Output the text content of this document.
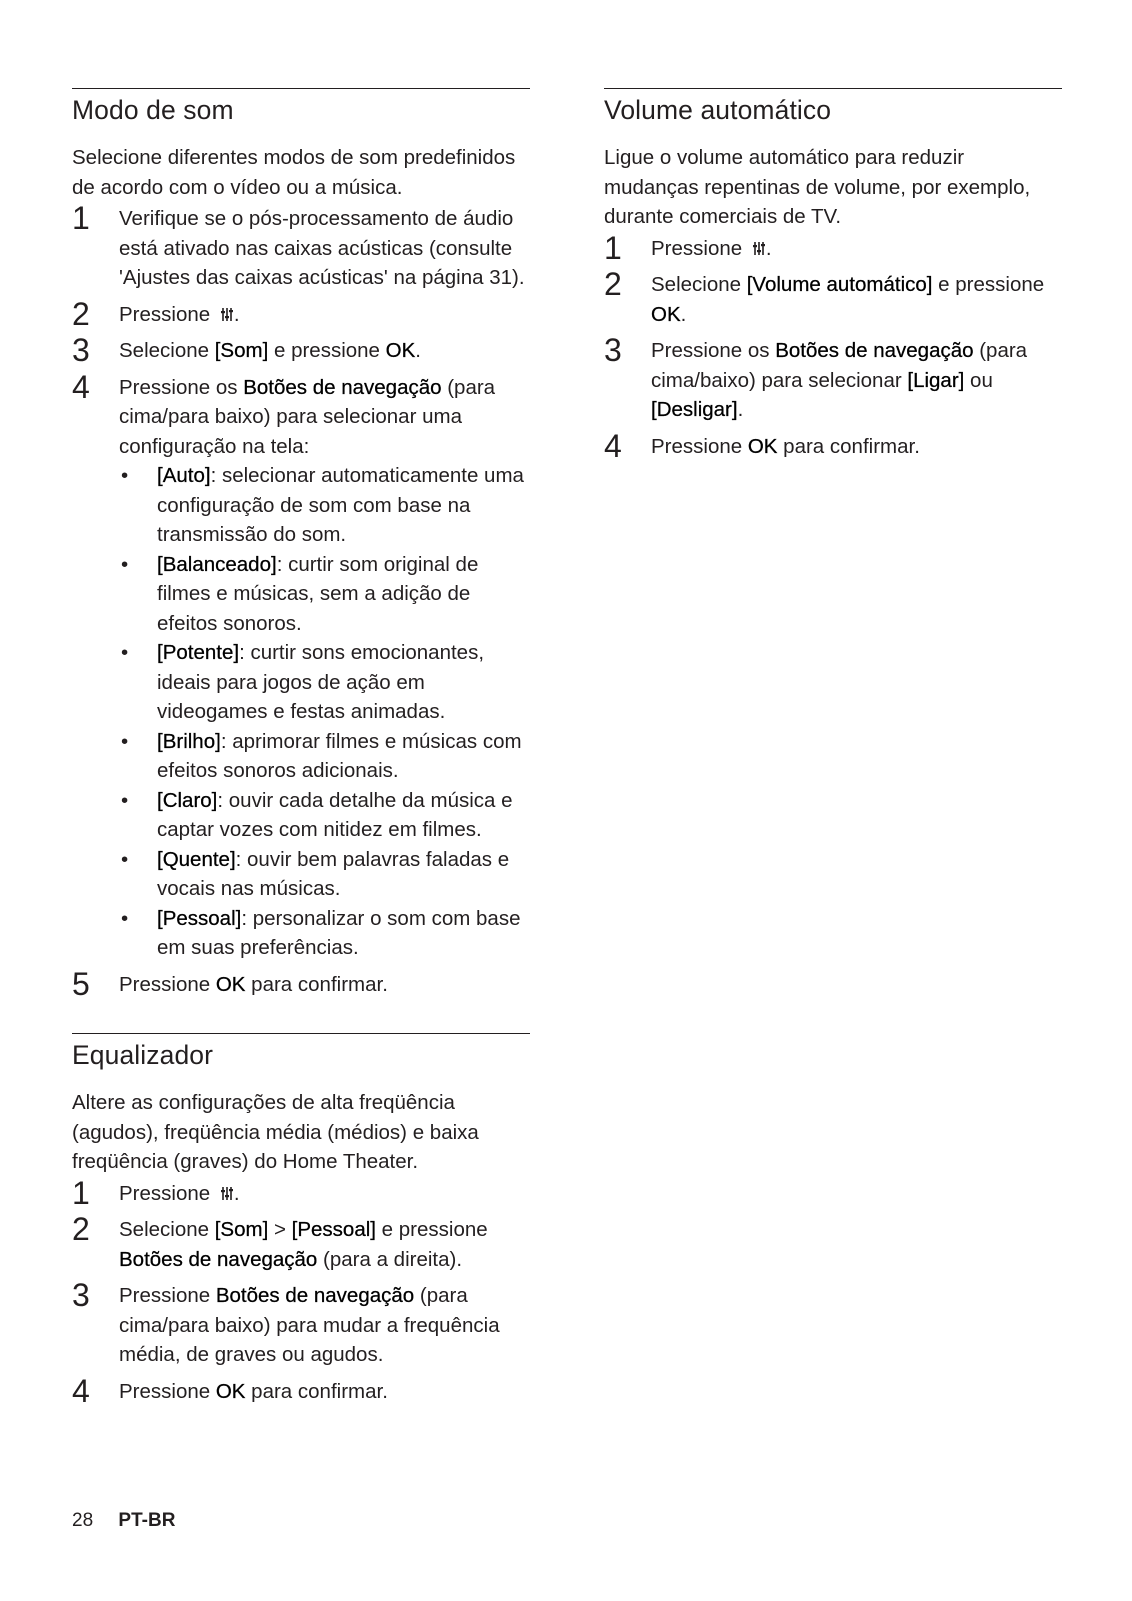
Modo de som

Selecione diferentes modos de som predefinidos de acordo com o vídeo ou a música.

1 Verifique se o pós-processamento de áudio está ativado nas caixas acústicas (consulte 'Ajustes das caixas acústicas' na página 31).
2 Pressione .
3 Selecione [Som] e pressione OK.
4 Pressione os Botões de navegação (para cima/para baixo) para selecionar uma configuração na tela:
• [Auto]: selecionar automaticamente uma configuração de som com base na transmissão do som.
• [Balanceado]: curtir som original de filmes e músicas, sem a adição de efeitos sonoros.
• [Potente]: curtir sons emocionantes, ideais para jogos de ação em videogames e festas animadas.
• [Brilho]: aprimorar filmes e músicas com efeitos sonoros adicionais.
• [Claro]: ouvir cada detalhe da música e captar vozes com nitidez em filmes.
• [Quente]: ouvir bem palavras faladas e vocais nas músicas.
• [Pessoal]: personalizar o som com base em suas preferências.
5 Pressione OK para confirmar.
Equalizador

Altere as configurações de alta freqüência (agudos), freqüência média (médios) e baixa freqüência (graves) do Home Theater.

1 Pressione .
2 Selecione [Som] > [Pessoal] e pressione Botões de navegação (para a direita).
3 Pressione Botões de navegação (para cima/para baixo) para mudar a frequência média, de graves ou agudos.
4 Pressione OK para confirmar.
Volume automático

Ligue o volume automático para reduzir mudanças repentinas de volume, por exemplo, durante comerciais de TV.

1 Pressione .
2 Selecione [Volume automático] e pressione OK.
3 Pressione os Botões de navegação (para cima/baixo) para selecionar [Ligar] ou [Desligar].
4 Pressione OK para confirmar.
28 PT-BR
